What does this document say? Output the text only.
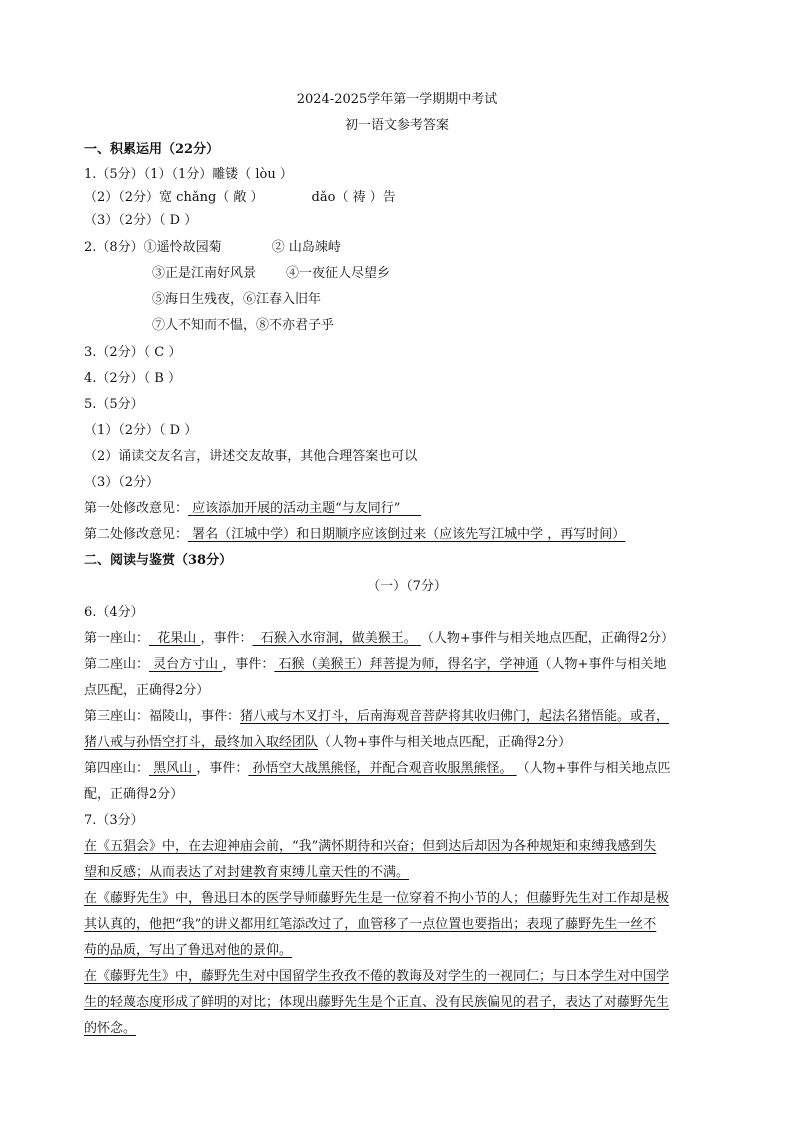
2024-2025学年第一学期期中考试
初一语文参考答案
一、积累运用（22分）
1.（5分）（1）（1分）雕镂（ lòu ）
（2）（2分）宽 chǎng（ 敞 ）	dǎo（ 祷 ）告
（3）（2分）（ D ）
2.（8分）①遥怜故园菊	② 山岛竦峙
③正是江南好风景 ④一夜征人尽望乡
⑤海日生残夜，⑥江春入旧年
⑦人不知而不愠，⑧不亦君子乎
3.（2分）（ C ）
4.（2分）（ B ）
5.（5分）
（1）（2分）（ D ）
（2）诵读交友名言，讲述交友故事，其他合理答案也可以
（3）（2分）
第一处修改意见： 应该添加开展的活动主题“与友同行”
第二处修改意见： 署名（江城中学）和日期顺序应该倒过来（应该先写江城中学 ，再写时间）
二、阅读与鉴赏（38分）
（一）（7分）
6.（4分）
第一座山： 花果山 ，事件： 石猴入水帘洞，做美猴王。 （人物+事件与相关地点匹配，正确得2分）
第二座山： 灵台方寸山 ，事件： 石猴（美猴王）拜菩提为师，得名字，学神通（人物+事件与相关地
点匹配，正确得2分）
第三座山：福陵山，事件：猪八戒与木叉打斗，后南海观音菩萨将其收归佛门，起法名猪悟能。或者，
猪八戒与孙悟空打斗，最终加入取经团队（人物+事件与相关地点匹配，正确得2分）
第四座山： 黑风山 ，事件： 孙悟空大战黑熊怪，并配合观音收服黑熊怪。 （人物+事件与相关地点匹
配，正确得2分）
7.（3分）
在《五猖会》中，在去迎神庙会前，“我”满怀期待和兴奋；但到达后却因为各种规矩和束缚我感到失
望和反感；从而表达了对封建教育束缚儿童天性的不满。
在《藤野先生》中，鲁迅日本的医学导师藤野先生是一位穿着不拘小节的人；但藤野先生对工作却是极
其认真的，他把“我”的讲义都用红笔添改过了，血管移了一点位置也要指出；表现了藤野先生一丝不
苟的品质，写出了鲁迅对他的景仰。
在《藤野先生》中，藤野先生对中国留学生孜孜不倦的教诲及对学生的一视同仁；与日本学生对中国学
生的轻蔑态度形成了鲜明的对比；体现出藤野先生是个正直、没有民族偏见的君子，表达了对藤野先生
的怀念。
